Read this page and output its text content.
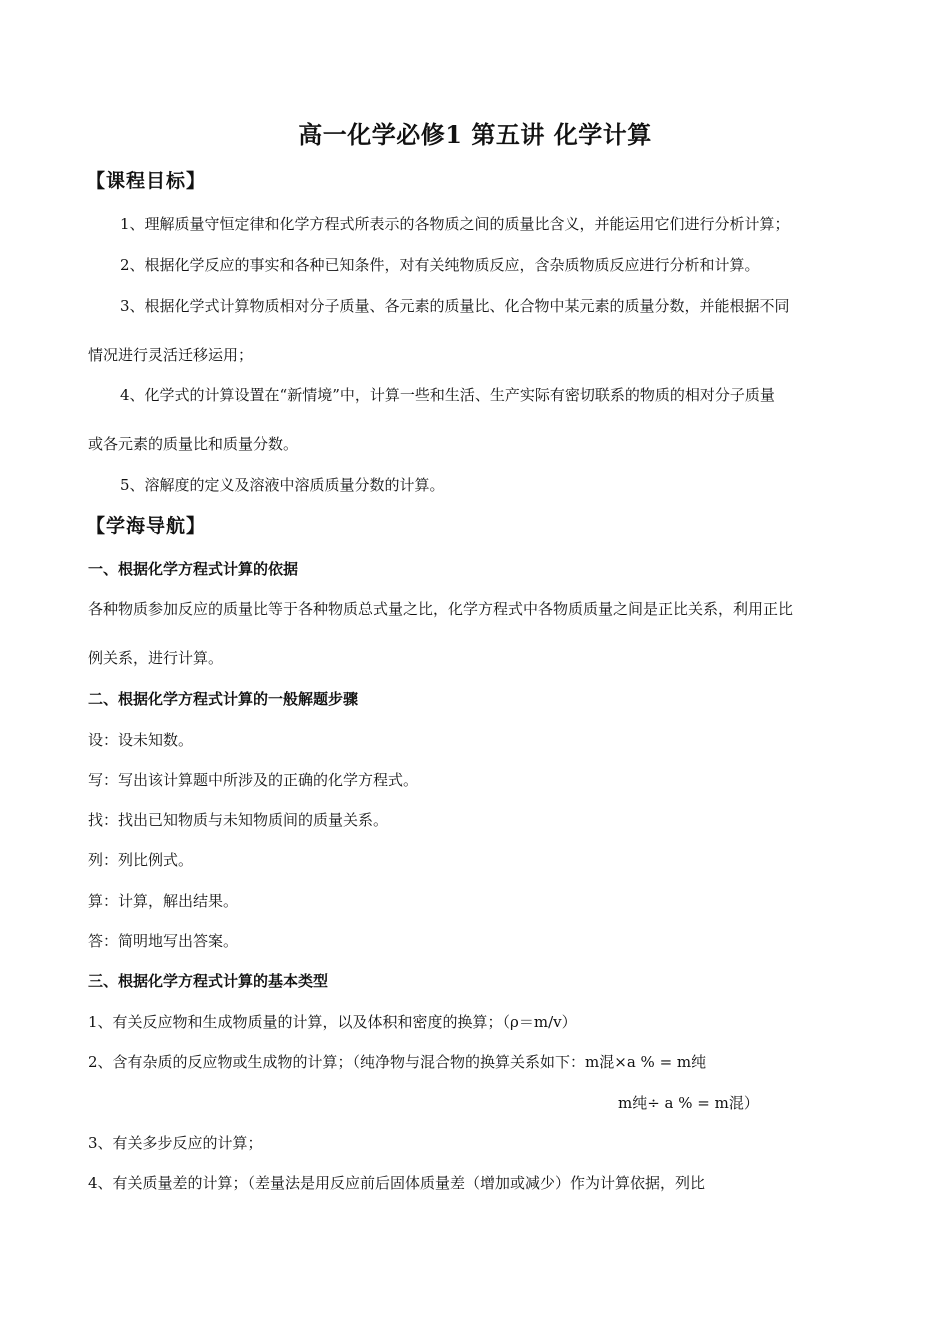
高一化学必修1 第五讲 化学计算
【课程目标】

1、理解质量守恒定律和化学方程式所表示的各物质之间的质量比含义，并能运用它们进行分析计算；

2、根据化学反应的事实和各种已知条件，对有关纯物质反应，含杂质物质反应进行分析和计算。

3、根据化学式计算物质相对分子质量、各元素的质量比、化合物中某元素的质量分数，并能根据不同

情况进行灵活迁移运用；

4、化学式的计算设置在“新情境”中，计算一些和生活、生产实际有密切联系的物质的相对分子质量

或各元素的质量比和质量分数。

5、溶解度的定义及溶液中溶质质量分数的计算。

【学海导航】
一、根据化学方程式计算的依据

各种物质参加反应的质量比等于各种物质总式量之比，化学方程式中各物质质量之间是正比关系，利用正比

例关系，进行计算。

二、根据化学方程式计算的一般解题步骤

设：设未知数。

写：写出该计算题中所涉及的正确的化学方程式。

找：找出已知物质与未知物质间的质量关系。

列：列比例式。

算：计算，解出结果。

答：简明地写出答案。

三、根据化学方程式计算的基本类型

1、有关反应物和生成物质量的计算，以及体积和密度的换算；（ρ＝m/v）

2、含有杂质的反应物或生成物的计算；（纯净物与混合物的换算关系如下：m混×a % = m纯

m纯÷ a % = m混）

3、有关多步反应的计算；

4、有关质量差的计算；（差量法是用反应前后固体质量差（增加或减少）作为计算依据，列比
